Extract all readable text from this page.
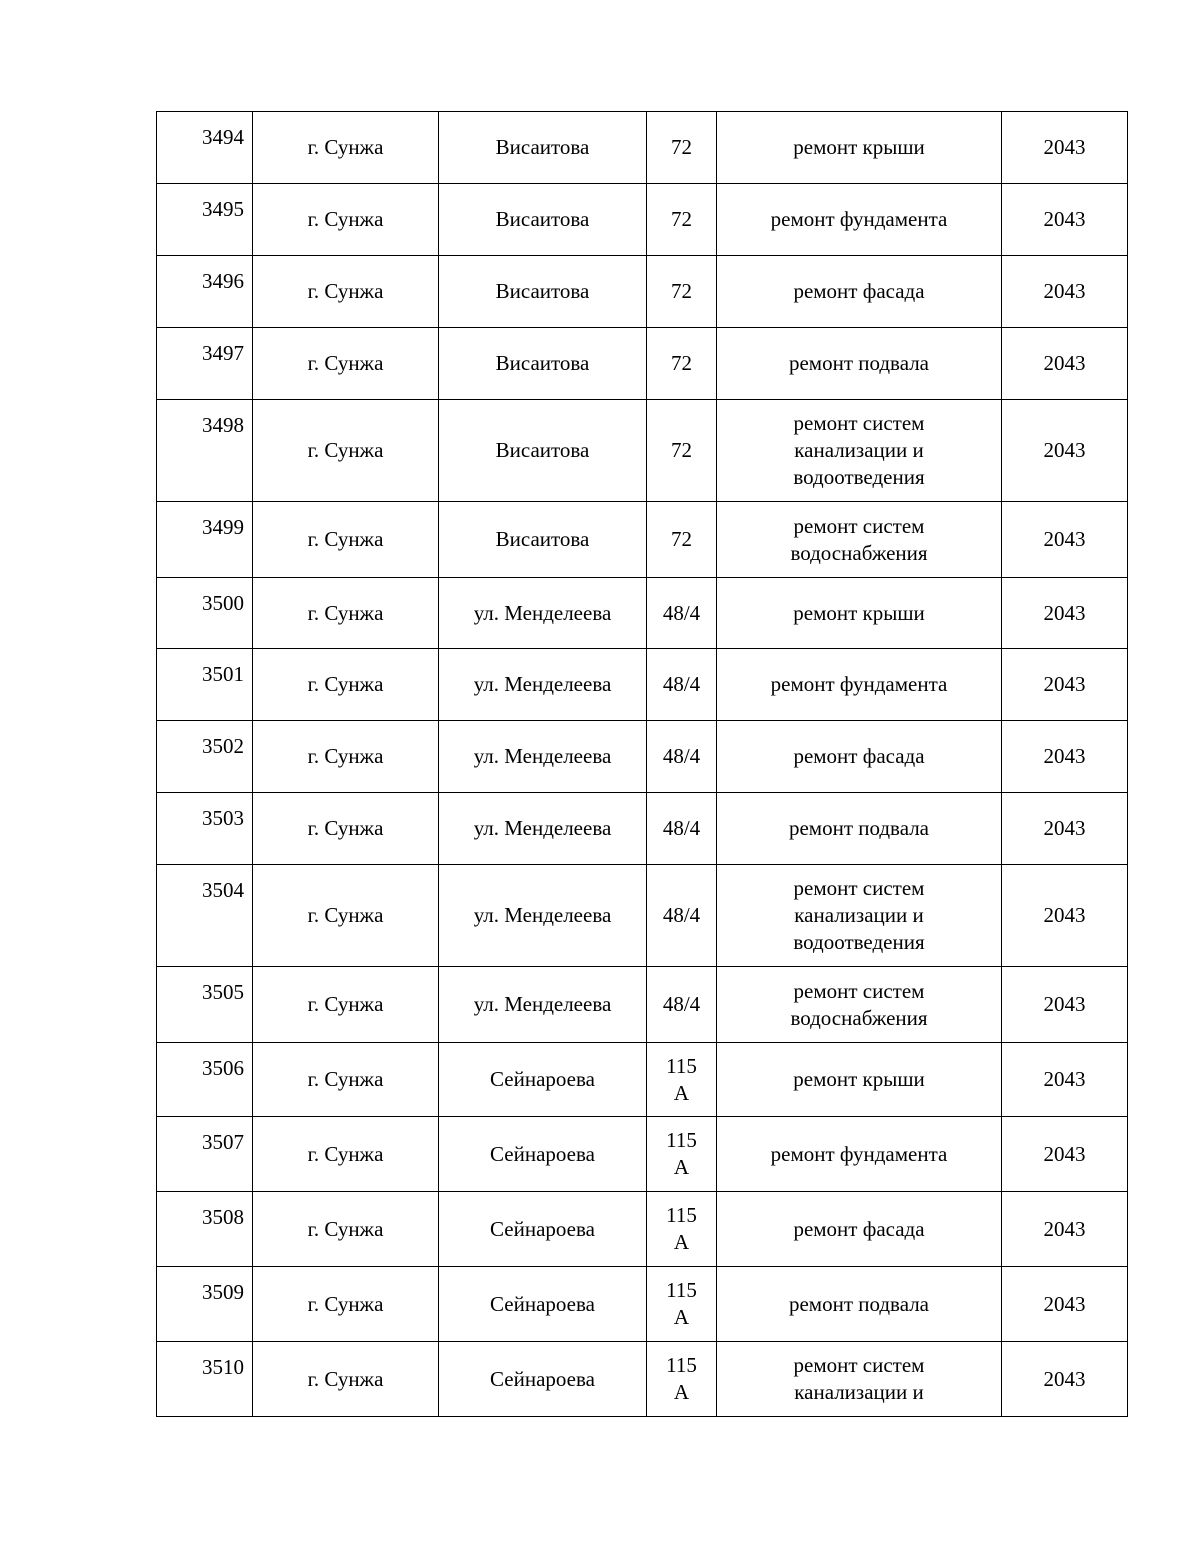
3494	г. Сунжа	Висаитова	72	ремонт крыши	2043
3495	г. Сунжа	Висаитова	72	ремонт фундамента	2043
3496	г. Сунжа	Висаитова	72	ремонт фасада	2043
3497	г. Сунжа	Висаитова	72	ремонт подвала	2043
3498	г. Сунжа	Висаитова	72	ремонт систем
канализации и
водоотведения	2043
3499	г. Сунжа	Висаитова	72	ремонт систем
водоснабжения	2043
3500	г. Сунжа	ул. Менделеева	48/4	ремонт крыши	2043
3501	г. Сунжа	ул. Менделеева	48/4	ремонт фундамента	2043
3502	г. Сунжа	ул. Менделеева	48/4	ремонт фасада	2043
3503	г. Сунжа	ул. Менделеева	48/4	ремонт подвала	2043
3504	г. Сунжа	ул. Менделеева	48/4	ремонт систем
канализации и
водоотведения	2043
3505	г. Сунжа	ул. Менделеева	48/4	ремонт систем
водоснабжения	2043
3506	г. Сунжа	Сейнароева	115
А	ремонт крыши	2043
3507	г. Сунжа	Сейнароева	115
А	ремонт фундамента	2043
3508	г. Сунжа	Сейнароева	115
А	ремонт фасада	2043
3509	г. Сунжа	Сейнароева	115
А	ремонт подвала	2043
3510	г. Сунжа	Сейнароева	115
А	ремонт систем
канализации и	2043
